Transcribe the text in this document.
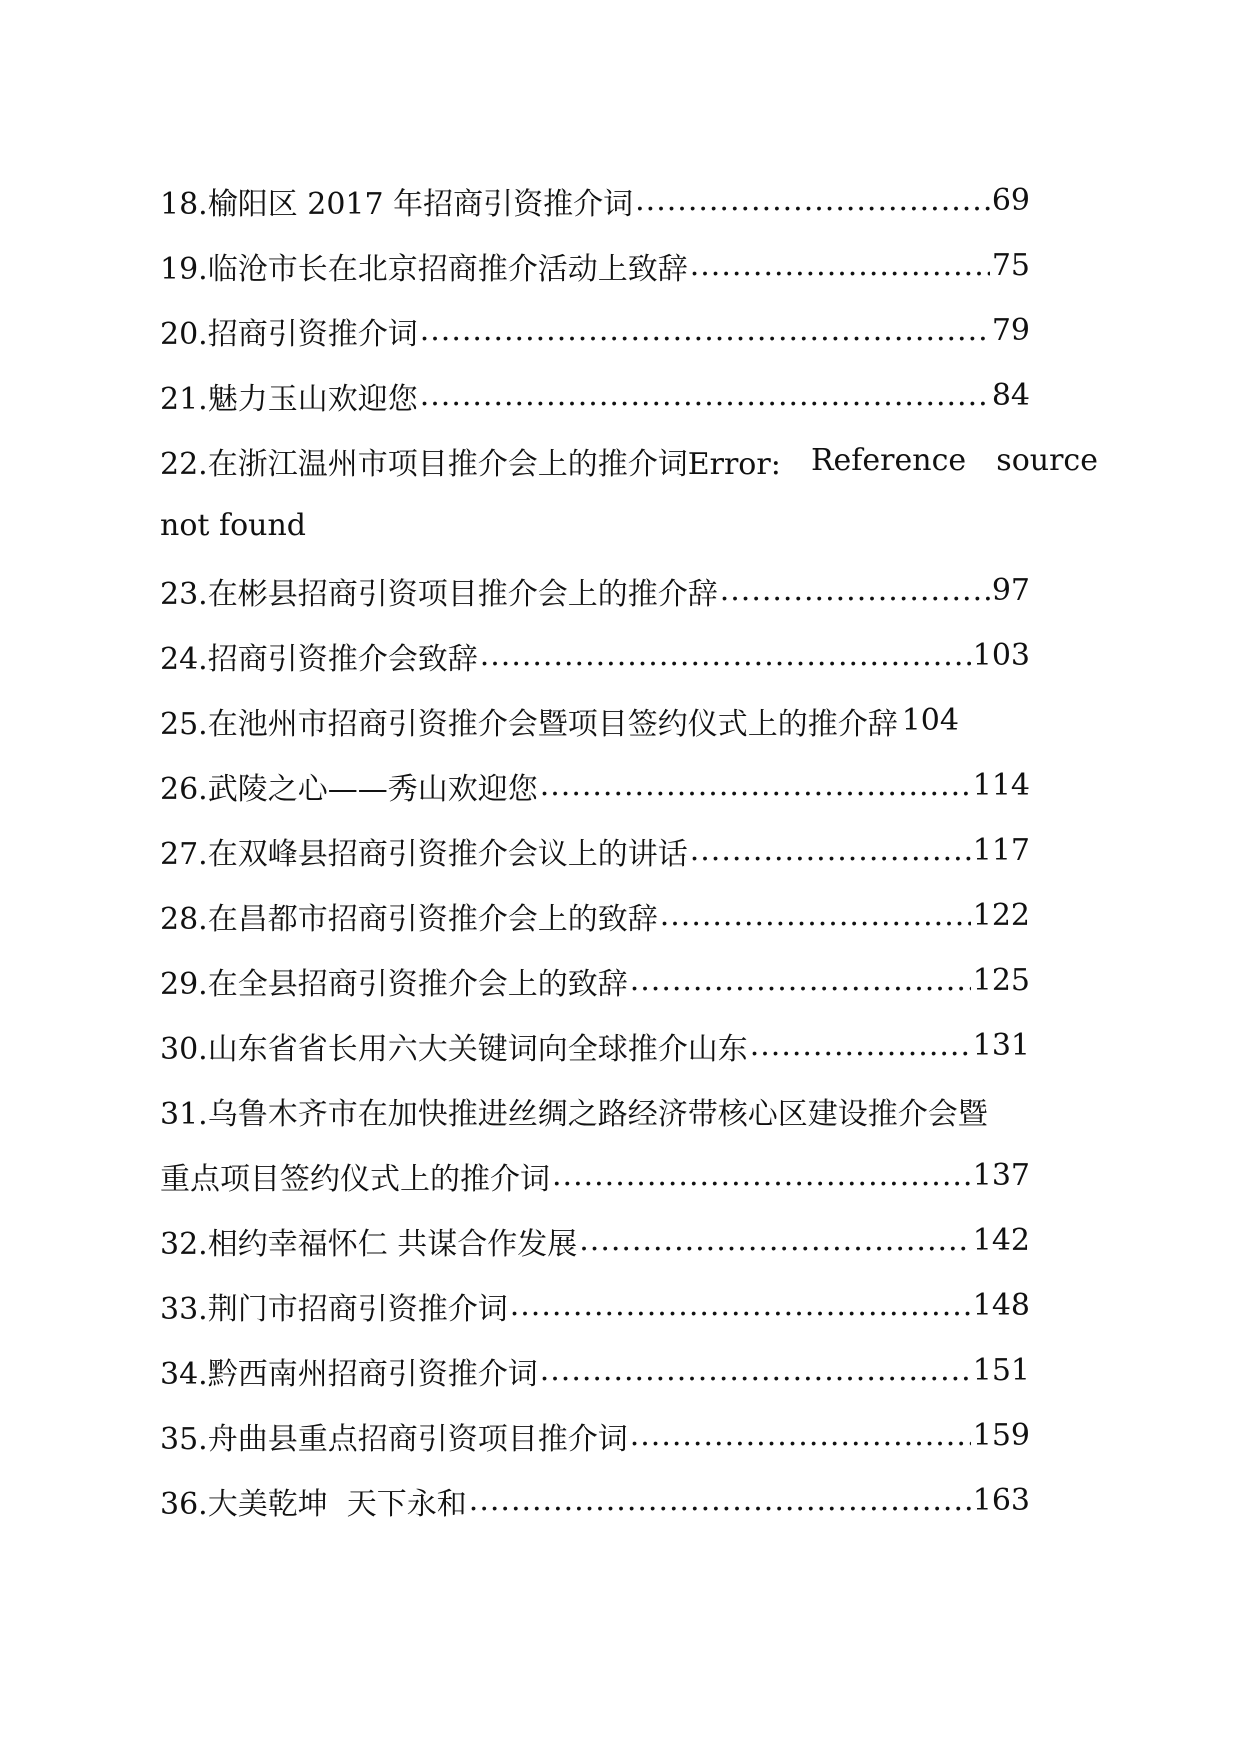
18.榆阳区 2017 年招商引资推介词 .....	69
19.临沧市长在北京招商推介活动上致辞 .....	75
20.招商引资推介词 .....	79
21.魅力玉山欢迎您 .....	84
22.在浙江温州市项目推介会上的推介词Error: Reference source
not found
23.在彬县招商引资项目推介会上的推介辞 .....	97
24.招商引资推介会致辞 .....	103
25.在池州市招商引资推介会暨项目签约仪式上的推介辞 104
26.武陵之心——秀山欢迎您 .....	114
27.在双峰县招商引资推介会议上的讲话 .....	117
28.在昌都市招商引资推介会上的致辞 .....	122
29.在全县招商引资推介会上的致辞 .....	125
30.山东省省长用六大关键词向全球推介山东 .....	131
31.乌鲁木齐市在加快推进丝绸之路经济带核心区建设推介会暨
重点项目签约仪式上的推介词 .....	137
32.相约幸福怀仁 共谋合作发展 .....	142
33.荆门市招商引资推介词 .....	148
34.黔西南州招商引资推介词 .....	151
35.舟曲县重点招商引资项目推介词 .....	159
36.大美乾坤  天下永和 .....	163
